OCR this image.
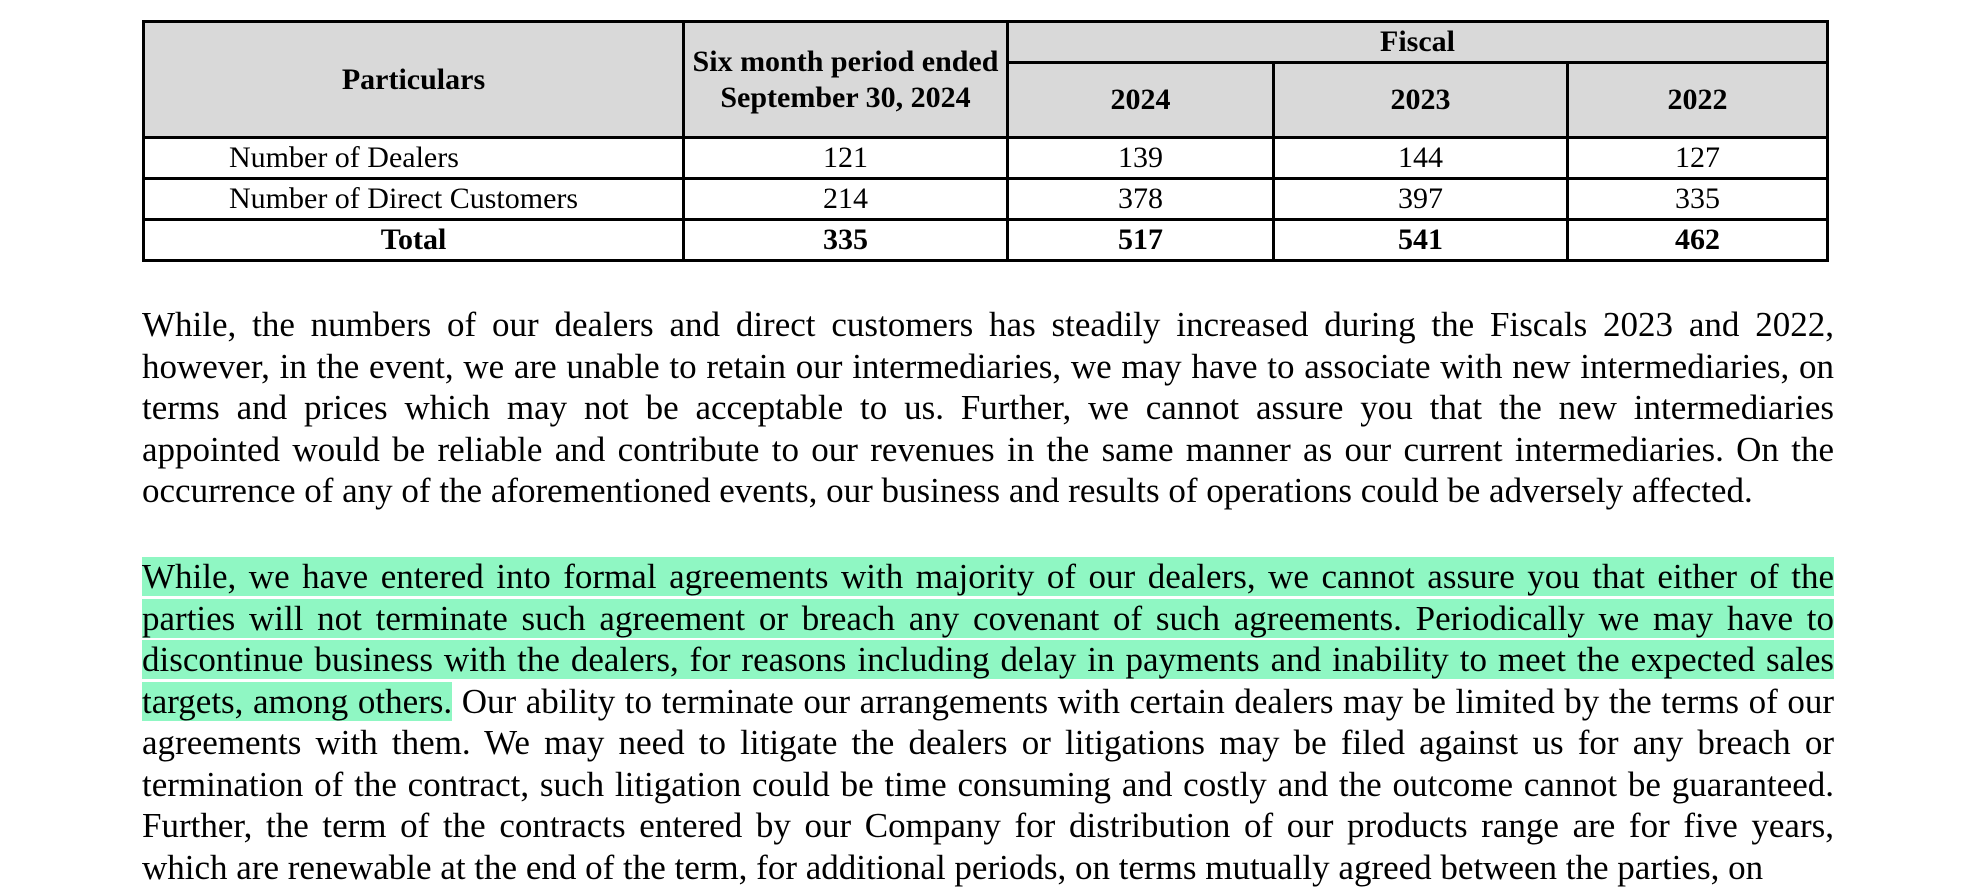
Particulars	Six month period ended September 30, 2024	Fiscal		
		2024	2023	2022
Number of Dealers	121	139	144	127
Number of Direct Customers	214	378	397	335
Total	335	517	541	462

While, the numbers of our dealers and direct customers has steadily increased during the Fiscals 2023 and 2022, however, in the event, we are unable to retain our intermediaries, we may have to associate with new intermediaries, on terms and prices which may not be acceptable to us. Further, we cannot assure you that the new intermediaries appointed would be reliable and contribute to our revenues in the same manner as our current intermediaries. On the occurrence of any of the aforementioned events, our business and results of operations could be adversely affected.

While, we have entered into formal agreements with majority of our dealers, we cannot assure you that either of the parties will not terminate such agreement or breach any covenant of such agreements. Periodically we may have to discontinue business with the dealers, for reasons including delay in payments and inability to meet the expected sales targets, among others. Our ability to terminate our arrangements with certain dealers may be limited by the terms of our agreements with them. We may need to litigate the dealers or litigations may be filed against us for any breach or termination of the contract, such litigation could be time consuming and costly and the outcome cannot be guaranteed. Further, the term of the contracts entered by our Company for distribution of our products range are for five years, which are renewable at the end of the term, for additional periods, on terms mutually agreed between the parties, on
